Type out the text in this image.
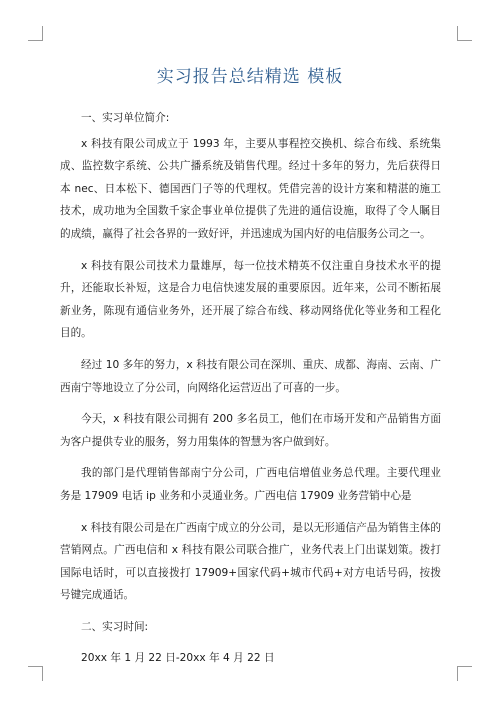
实习报告总结精选 模板

一、实习单位简介:

x 科技有限公司成立于 1993 年，主要从事程控交换机、综合布线、系统集成、监控数字系统、公共广播系统及销售代理。经过十多年的努力，先后获得日本 nec、日本松下、德国西门子等的代理权。凭借完善的设计方案和精湛的施工技术，成功地为全国数千家企事业单位提供了先进的通信设施，取得了令人瞩目的成绩，赢得了社会各界的一致好评，并迅速成为国内好的电信服务公司之一。

x 科技有限公司技术力量雄厚，每一位技术精英不仅注重自身技术水平的提升，还能取长补短，这是合力电信快速发展的重要原因。近年来，公司不断拓展新业务，陈现有通信业务外，还开展了综合布线、移动网络优化等业务和工程化目的。

经过 10 多年的努力，x 科技有限公司在深圳、重庆、成都、海南、云南、广西南宁等地设立了分公司，向网络化运营迈出了可喜的一步。

今天，x 科技有限公司拥有 200 多名员工，他们在市场开发和产品销售方面为客户提供专业的服务，努力用集体的智慧为客户做到好。

我的部门是代理销售部南宁分公司，广西电信增值业务总代理。主要代理业务是 17909 电话 ip 业务和小灵通业务。广西电信 17909 业务营销中心是

x 科技有限公司是在广西南宁成立的分公司，是以无形通信产品为销售主体的营销网点。广西电信和 x 科技有限公司联合推广，业务代表上门出谋划策。拨打国际电话时，可以直接拨打 17909+国家代码+城市代码+对方电话号码，按拨号键完成通话。

二、实习时间:

20xx 年 1 月 22 日-20xx 年 4 月 22 日
